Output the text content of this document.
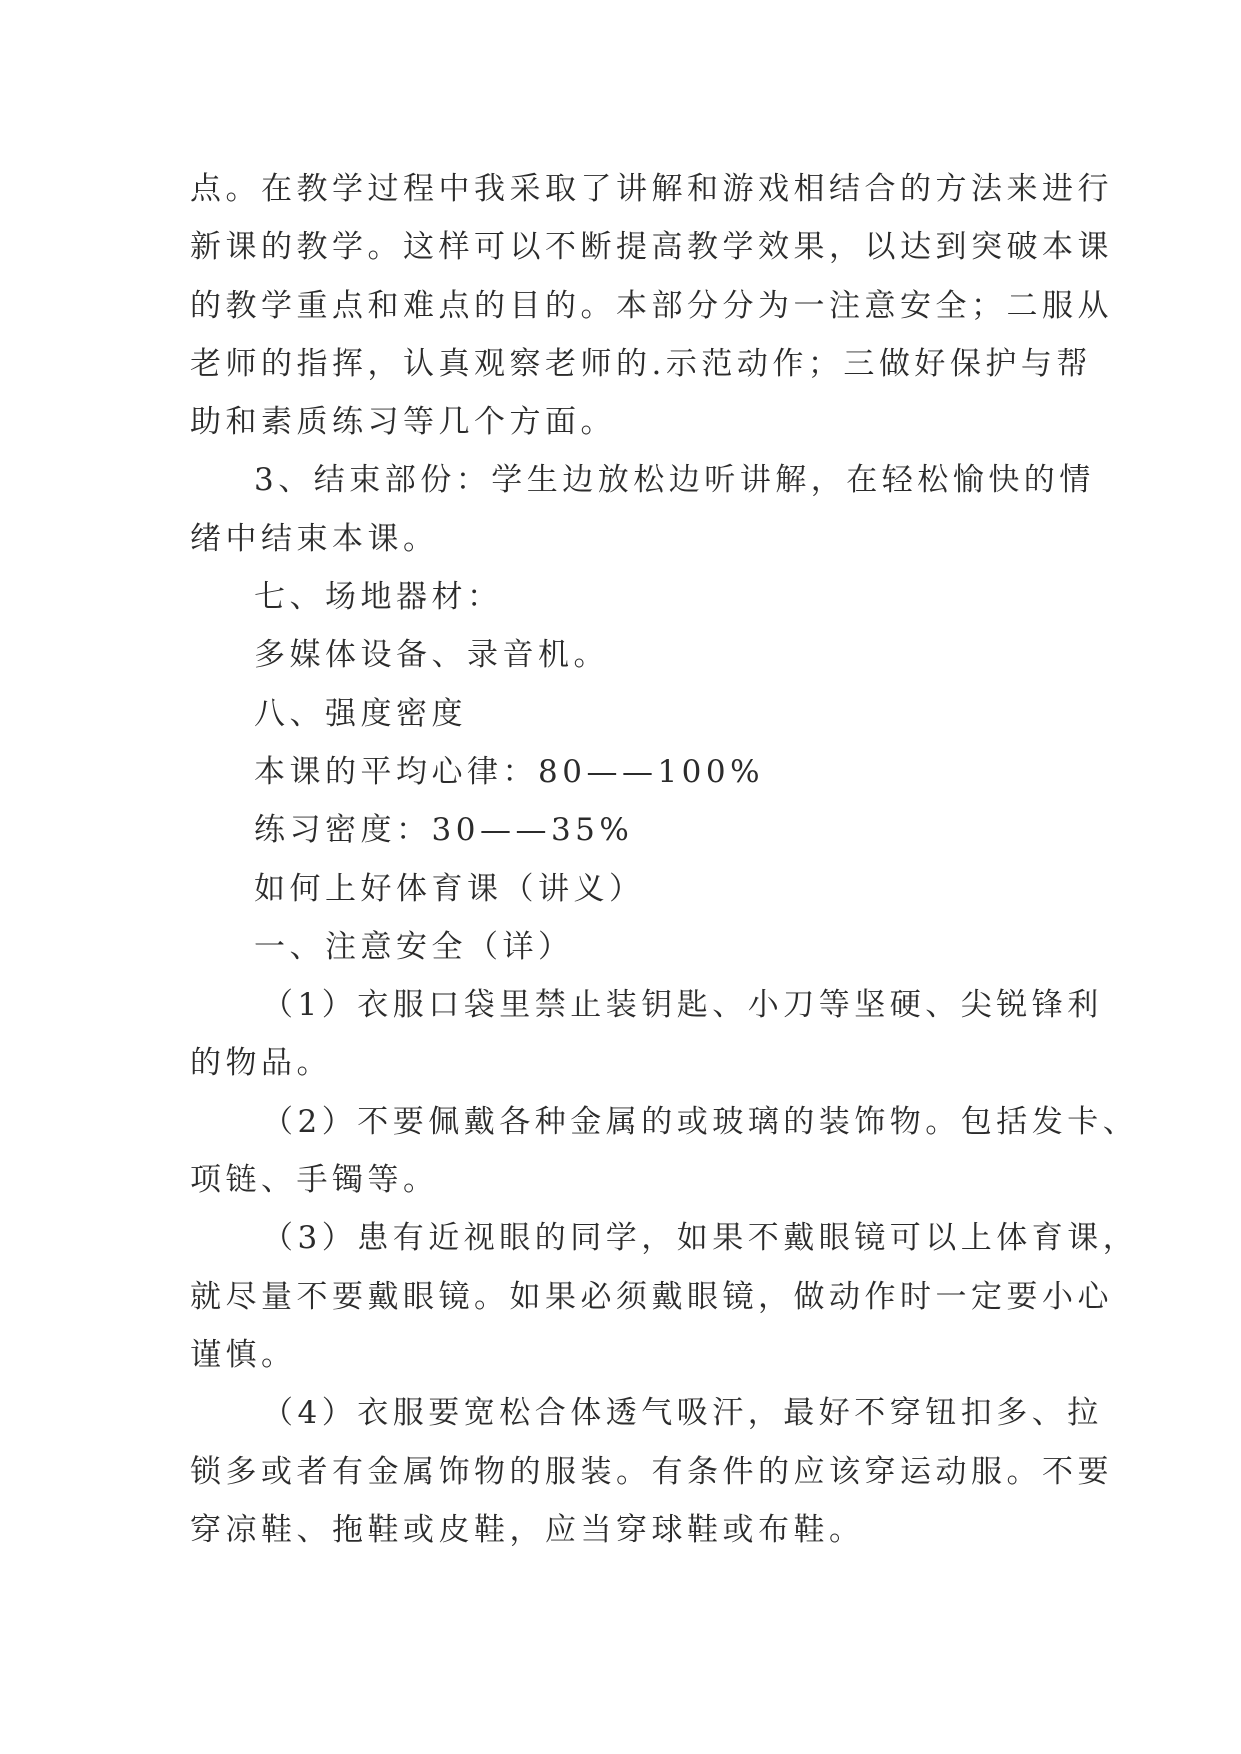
点。在教学过程中我采取了讲解和游戏相结合的方法来进行
新课的教学。这样可以不断提高教学效果，以达到突破本课
的教学重点和难点的目的。本部分分为一注意安全；二服从
老师的指挥，认真观察老师的.示范动作；三做好保护与帮
助和素质练习等几个方面。
3、结束部份：学生边放松边听讲解，在轻松愉快的情
绪中结束本课。
七、场地器材：
多媒体设备、录音机。
八、强度密度
本课的平均心律：80——100%
练习密度：30——35%
如何上好体育课（讲义）
一、注意安全（详）
（1）衣服口袋里禁止装钥匙、小刀等坚硬、尖锐锋利
的物品。
（2）不要佩戴各种金属的或玻璃的装饰物。包括发卡、
项链、手镯等。
（3）患有近视眼的同学，如果不戴眼镜可以上体育课，
就尽量不要戴眼镜。如果必须戴眼镜，做动作时一定要小心
谨慎。
（4）衣服要宽松合体透气吸汗，最好不穿钮扣多、拉
锁多或者有金属饰物的服装。有条件的应该穿运动服。不要
穿凉鞋、拖鞋或皮鞋，应当穿球鞋或布鞋。
